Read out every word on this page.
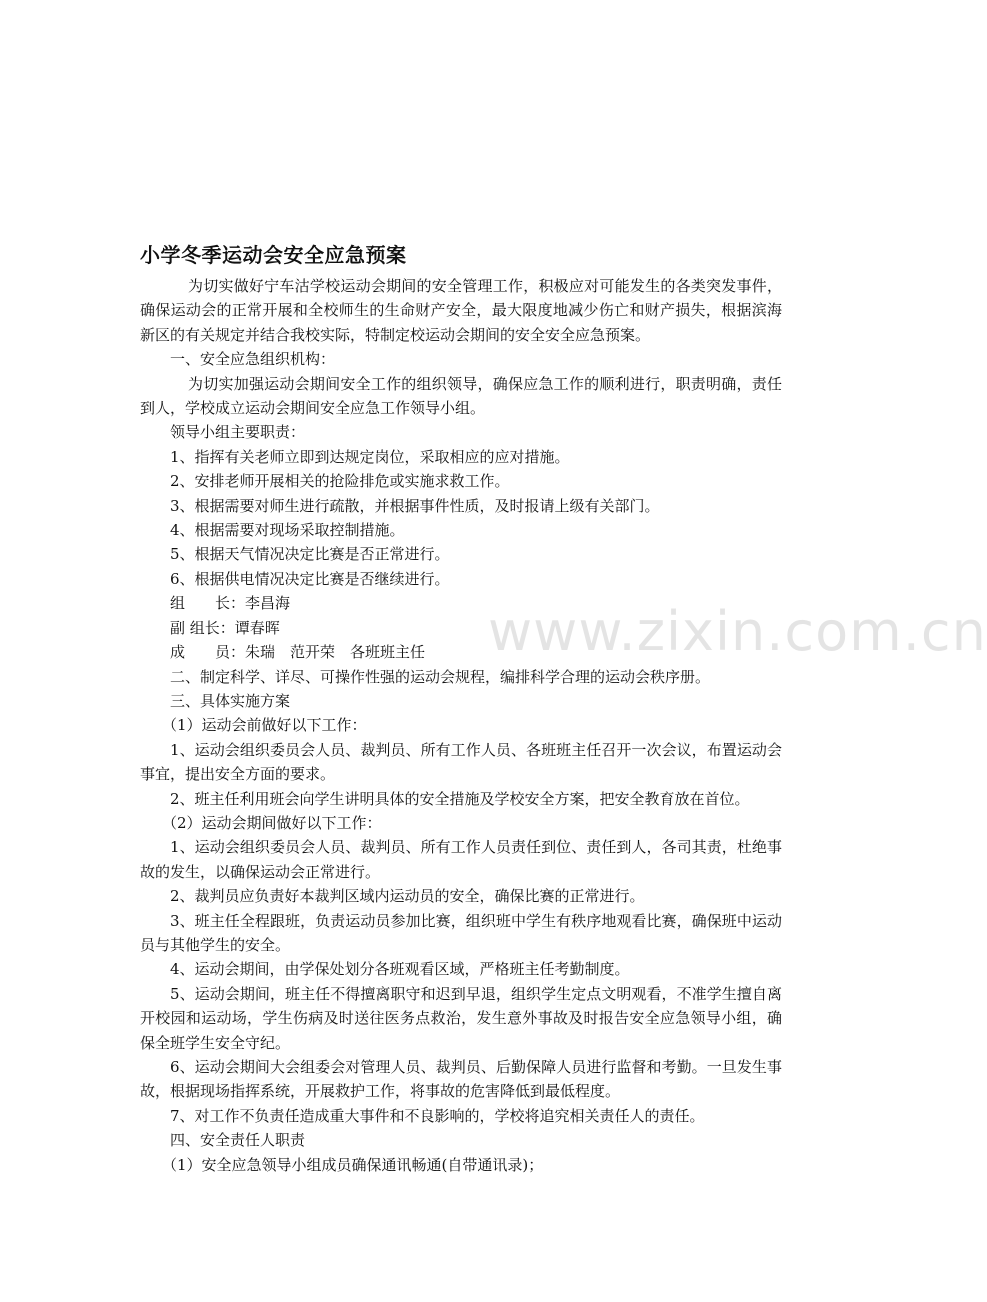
小学冬季运动会安全应急预案

为切实做好宁车沽学校运动会期间的安全管理工作，积极应对可能发生的各类突发事件，确保运动会的正常开展和全校师生的生命财产安全，最大限度地减少伤亡和财产损失，根据滨海新区的有关规定并结合我校实际，特制定校运动会期间的安全安全应急预案。

一、安全应急组织机构：

为切实加强运动会期间安全工作的组织领导，确保应急工作的顺利进行，职责明确，责任到人，学校成立运动会期间安全应急工作领导小组。

领导小组主要职责：

1、指挥有关老师立即到达规定岗位，采取相应的应对措施。

2、安排老师开展相关的抢险排危或实施求救工作。

3、根据需要对师生进行疏散，并根据事件性质，及时报请上级有关部门。

4、根据需要对现场采取控制措施。

5、根据天气情况决定比赛是否正常进行。

6、根据供电情况决定比赛是否继续进行。

组　　长：李昌海

副 组长：谭春晖

成　　员：朱瑞　范开荣　各班班主任

二、制定科学、详尽、可操作性强的运动会规程，编排科学合理的运动会秩序册。

三、具体实施方案

（1）运动会前做好以下工作：

1、运动会组织委员会人员、裁判员、所有工作人员、各班班主任召开一次会议，布置运动会事宜，提出安全方面的要求。

2、班主任利用班会向学生讲明具体的安全措施及学校安全方案，把安全教育放在首位。

（2）运动会期间做好以下工作：

1、运动会组织委员会人员、裁判员、所有工作人员责任到位、责任到人，各司其责，杜绝事故的发生，以确保运动会正常进行。

2、裁判员应负责好本裁判区域内运动员的安全，确保比赛的正常进行。

3、班主任全程跟班，负责运动员参加比赛，组织班中学生有秩序地观看比赛，确保班中运动员与其他学生的安全。

4、运动会期间，由学保处划分各班观看区域，严格班主任考勤制度。

5、运动会期间，班主任不得擅离职守和迟到早退，组织学生定点文明观看，不准学生擅自离开校园和运动场，学生伤病及时送往医务点救治，发生意外事故及时报告安全应急领导小组，确保全班学生安全守纪。

6、运动会期间大会组委会对管理人员、裁判员、后勤保障人员进行监督和考勤。一旦发生事故，根据现场指挥系统，开展救护工作，将事故的危害降低到最低程度。

7、对工作不负责任造成重大事件和不良影响的，学校将追究相关责任人的责任。

四、安全责任人职责

（1）安全应急领导小组成员确保通讯畅通(自带通讯录)；

www.zixin.com.cn
